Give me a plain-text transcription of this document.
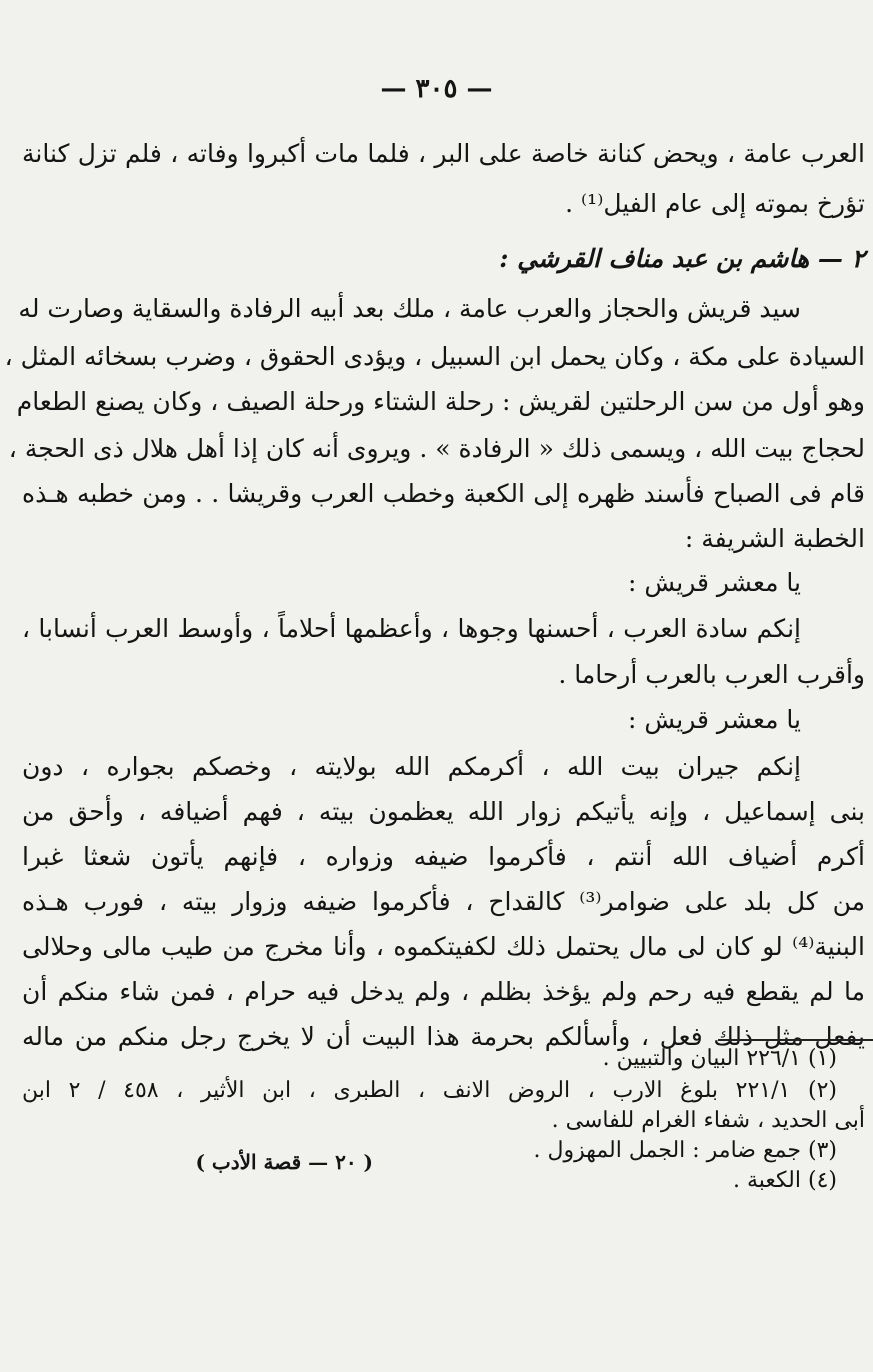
— ٣٠٥ —
العرب عامة ، ويحض كنانة خاصة على البر ، فلما مات أكبروا وفاته ، فلم تزل كنانة
تؤرخ بموته إلى عام الفيل⁽¹⁾ .
٢ — هاشم بن عبد مناف القرشي :
سيد قريش والحجاز والعرب عامة ، ملك بعد أبيه الرفادة والسقاية وصارت له
السيادة على مكة ، وكان يحمل ابن السبيل ، ويؤدى الحقوق ، وضرب بسخائه المثل ،
وهو أول من سن الرحلتين لقريش : رحلة الشتاء ورحلة الصيف ، وكان يصنع الطعام
لحجاج بيت الله ، ويسمى ذلك « الرفادة » . ويروى أنه كان إذا أهل هلال ذى الحجة ،
قام فى الصباح فأسند ظهره إلى الكعبة وخطب العرب وقريشا . . ومن خطبه هـذه
الخطبة الشريفة :
يا معشر قريش :
إنكم سادة العرب ، أحسنها وجوها ، وأعظمها أحلاماً ، وأوسط العرب أنسابا ،
وأقرب العرب بالعرب أرحاما .
يا معشر قريش :
إنكم جيران بيت الله ، أكرمكم الله بولايته ، وخصكم بجواره ، دون
بنى إسماعيل ، وإنه يأتيكم زوار الله يعظمون بيته ، فهم أضيافه ، وأحق من
أكرم أضياف الله أنتم ، فأكرموا ضيفه وزواره ، فإنهم يأتون شعثا غبرا
من كل بلد على ضوامر⁽³⁾ كالقداح ، فأكرموا ضيفه وزوار بيته ، فورب هـذه
البنية⁽⁴⁾ لو كان لى مال يحتمل ذلك لكفيتكموه ، وأنا مخرج من طيب مالى وحلالى
ما لم يقطع فيه رحم ولم يؤخذ بظلم ، ولم يدخل فيه حرام ، فمن شاء منكم أن
يفعل مثل ذلك فعل ، وأسألكم بحرمة هذا البيت أن لا يخرج رجل منكم من ماله
(١) ٢٢٦/١ البيان والتبيين .
(٢) ٢٢١/١ بلوغ الارب ، الروض الانف ، الطبرى ، ابن الأثير ، ٤٥٨ / ٢ ابن
أبى الحديد ، شفاء الغرام للفاسى .
(٣) جمع ضامر : الجمل المهزول .
(٤) الكعبة .
( ٢٠ — قصة الأدب )
